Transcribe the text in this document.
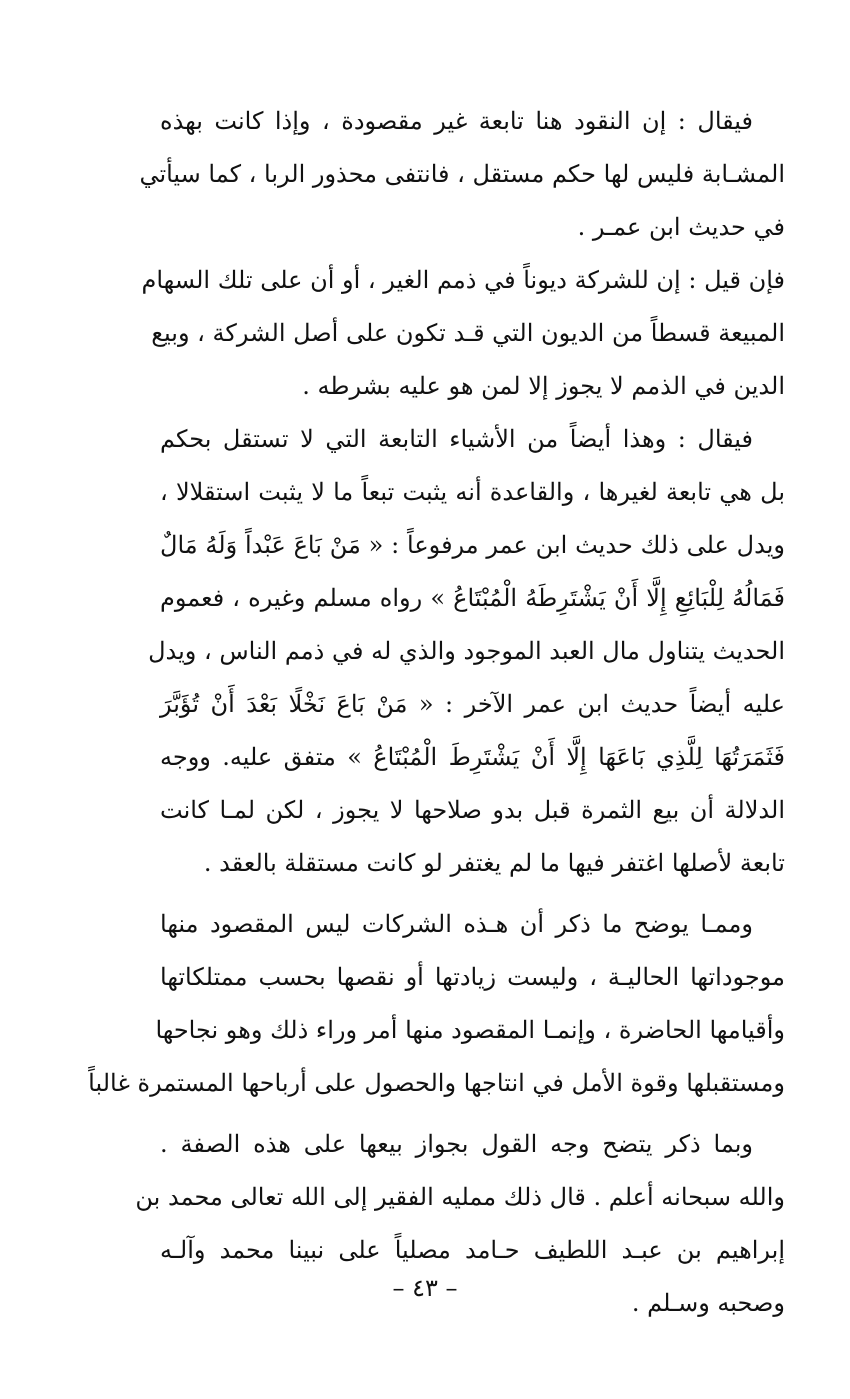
فيقال : إن النقود هنا تابعة غير مقصودة ، وإذا كانت بهذه
المشـابة فليس لها حكم مستقل ، فانتفى محذور الربا ، كما سيأتي
في حديث ابن عمـر .
فإن قيل : إن للشركة ديوناً في ذمم الغير ، أو أن على تلك السهام
المبيعة قسطاً من الديون التي قـد تكون على أصل الشركة ، وبيع
الدين في الذمم لا يجوز إلا لمن هو عليه بشرطه .
فيقال : وهذا أيضاً من الأشياء التابعة التي لا تستقل بحكم
بل هي تابعة لغيرها ، والقاعدة أنه يثبت تبعاً ما لا يثبت استقلالا ،
ويدل على ذلك حديث ابن عمر مرفوعاً : « مَنْ بَاعَ عَبْداً وَلَهُ مَالٌ
فَمَالُهُ لِلْبَائِعِ إِلَّا أَنْ يَشْتَرِطَهُ الْمُبْتَاعُ » رواه مسلم وغيره ، فعموم
الحديث يتناول مال العبد الموجود والذي له في ذمم الناس ، ويدل
عليه أيضاً حديث ابن عمر الآخر : « مَنْ بَاعَ نَخْلًا بَعْدَ أَنْ تُؤَبَّرَ
فَثَمَرَتُهَا لِلَّذِي بَاعَهَا إِلَّا أَنْ يَشْتَرِطَ الْمُبْتَاعُ » متفق عليه. ووجه
الدلالة أن بيع الثمرة قبل بدو صلاحها لا يجوز ، لكن لمـا كانت
تابعة لأصلها اغتفر فيها ما لم يغتفر لو كانت مستقلة بالعقد .
وممـا يوضح ما ذكر أن هـذه الشركات ليس المقصود منها
موجوداتها الحاليـة ، وليست زيادتها أو نقصها بحسب ممتلكاتها
وأقيامها الحاضرة ، وإنمـا المقصود منها أمر وراء ذلك وهو نجاحها
ومستقبلها وقوة الأمل في انتاجها والحصول على أرباحها المستمرة غالباً
وبما ذكر يتضح وجه القول بجواز بيعها على هذه الصفة .
والله سبحانه أعلم . قال ذلك مملیه الفقير إلى الله تعالى محمد بن
إبراهيم بن عبـد اللطيف حـامد مصلياً على نبينا محمد وآلـه
وصحبه وسـلم .
– ٤٣ –
